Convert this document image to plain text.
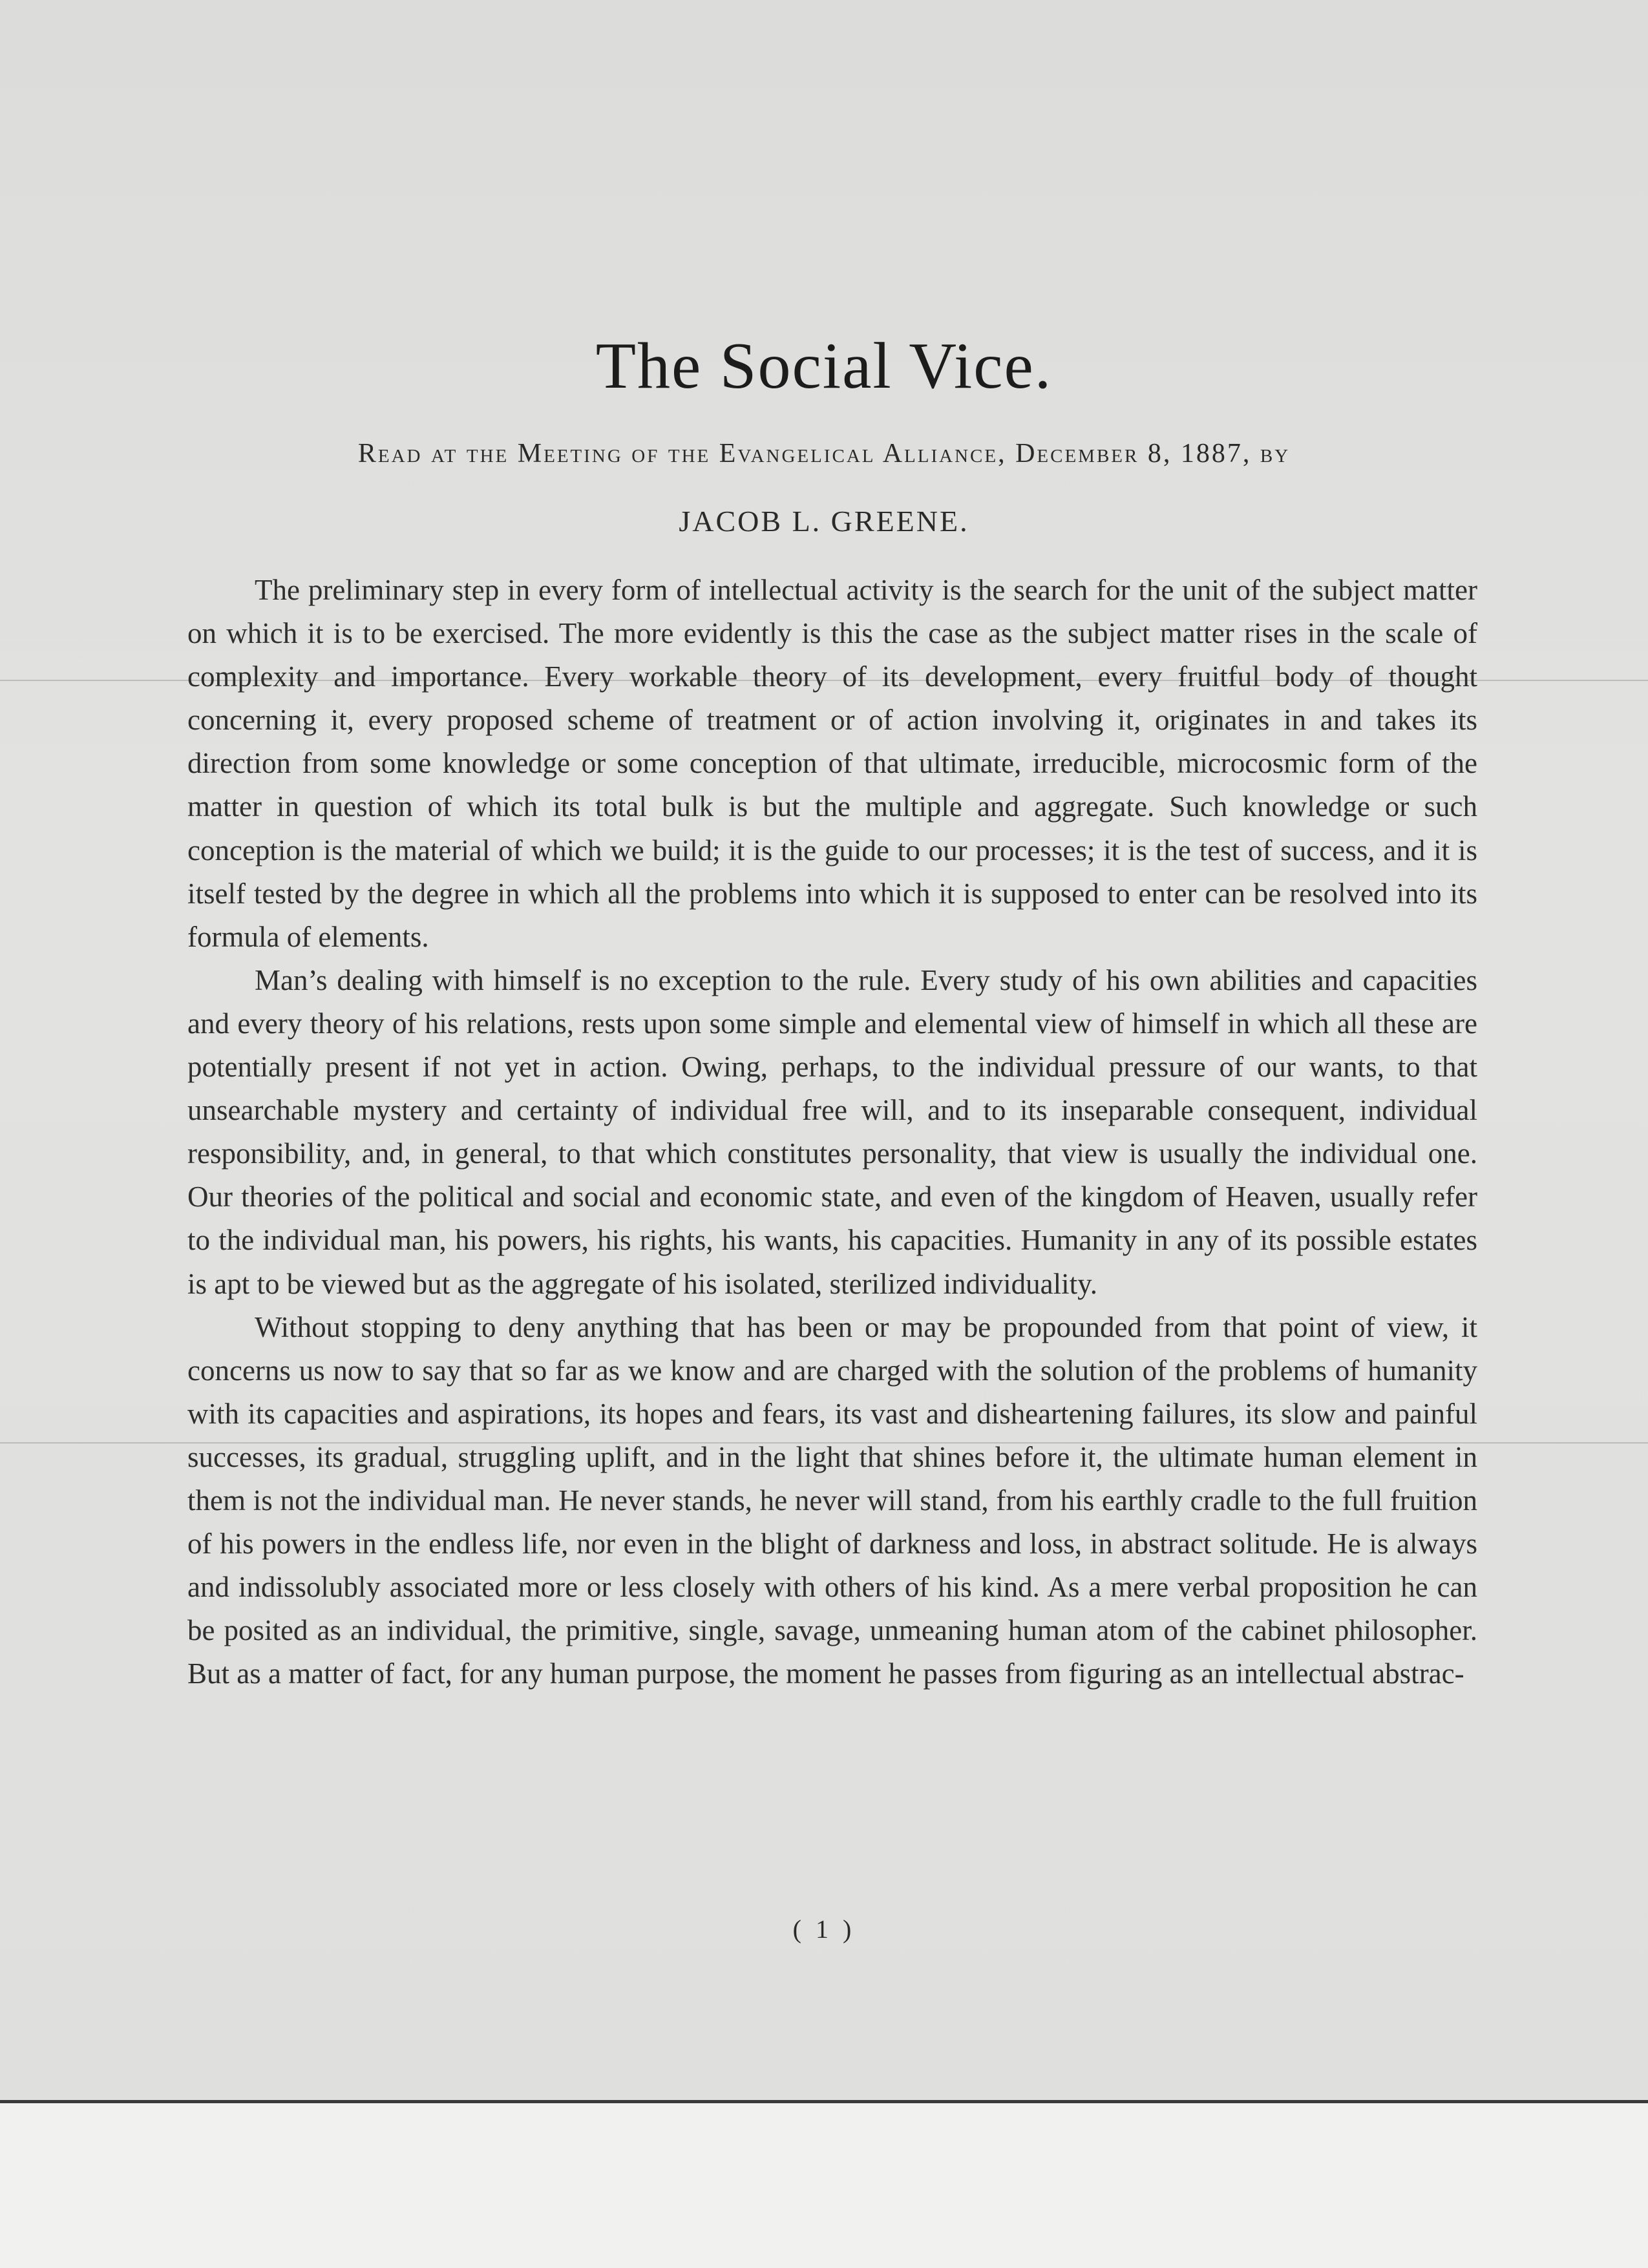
The Social Vice.
Read at the Meeting of the Evangelical Alliance, December 8, 1887, by
JACOB L. GREENE.

The preliminary step in every form of intellectual activity is the search for the unit of the subject matter on which it is to be exercised. The more evidently is this the case as the subject matter rises in the scale of complexity and importance. Every workable theory of its development, every fruitful body of thought concerning it, every proposed scheme of treatment or of action involving it, originates in and takes its direction from some knowledge or some conception of that ultimate, irreducible, microcosmic form of the matter in question of which its total bulk is but the multiple and aggregate. Such knowledge or such conception is the material of which we build; it is the guide to our processes; it is the test of success, and it is itself tested by the degree in which all the problems into which it is supposed to enter can be resolved into its formula of elements.

Man’s dealing with himself is no exception to the rule. Every study of his own abilities and capacities and every theory of his relations, rests upon some simple and elemental view of himself in which all these are potentially present if not yet in action. Owing, perhaps, to the individual pressure of our wants, to that unsearchable mystery and certainty of individual free will, and to its inseparable consequent, individual responsibility, and, in general, to that which constitutes personality, that view is usually the individual one. Our theories of the political and social and economic state, and even of the kingdom of Heaven, usually refer to the individual man, his powers, his rights, his wants, his capacities. Humanity in any of its possible estates is apt to be viewed but as the aggregate of his isolated, sterilized individuality.

Without stopping to deny anything that has been or may be propounded from that point of view, it concerns us now to say that so far as we know and are charged with the solution of the problems of humanity with its capacities and aspirations, its hopes and fears, its vast and disheartening failures, its slow and painful successes, its gradual, struggling uplift, and in the light that shines before it, the ultimate human element in them is not the individual man. He never stands, he never will stand, from his earthly cradle to the full fruition of his powers in the endless life, nor even in the blight of darkness and loss, in abstract solitude. He is always and indissolubly associated more or less closely with others of his kind. As a mere verbal proposition he can be posited as an individual, the primitive, single, savage, unmeaning human atom of the cabinet philosopher. But as a matter of fact, for any human purpose, the moment he passes from figuring as an intellectual abstrac-

( 1 )
